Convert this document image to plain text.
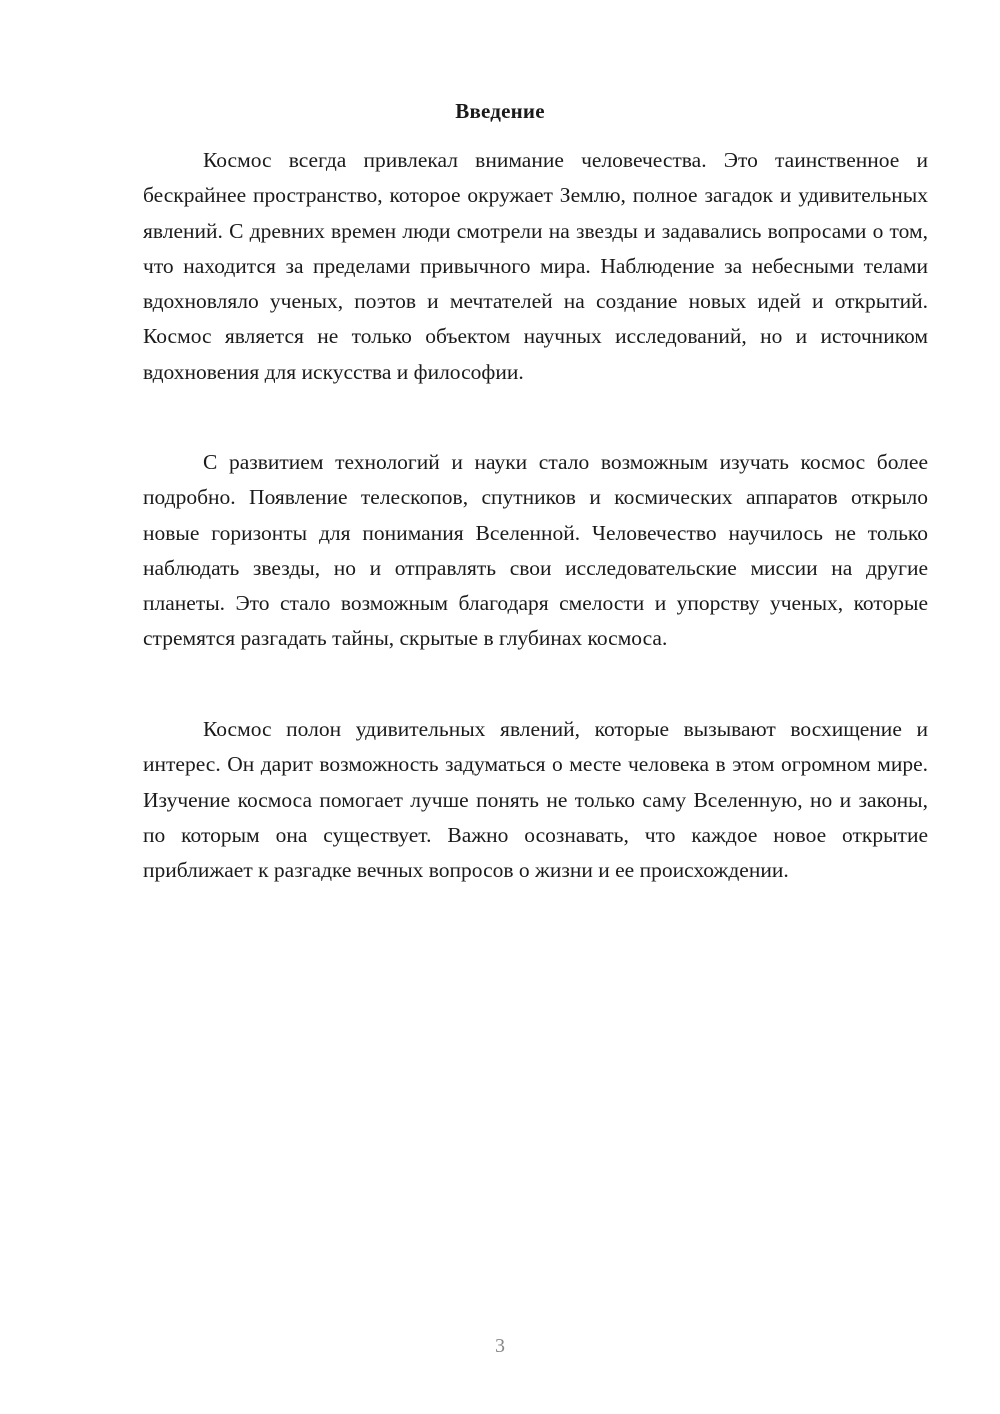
Введение

Космос всегда привлекал внимание человечества. Это таинственное и бескрайнее пространство, которое окружает Землю, полное загадок и удивительных явлений. С древних времен люди смотрели на звезды и задавались вопросами о том, что находится за пределами привычного мира. Наблюдение за небесными телами вдохновляло ученых, поэтов и мечтателей на создание новых идей и открытий. Космос является не только объектом научных исследований, но и источником вдохновения для искусства и философии.

С развитием технологий и науки стало возможным изучать космос более подробно. Появление телескопов, спутников и космических аппаратов открыло новые горизонты для понимания Вселенной. Человечество научилось не только наблюдать звезды, но и отправлять свои исследовательские миссии на другие планеты. Это стало возможным благодаря смелости и упорству ученых, которые стремятся разгадать тайны, скрытые в глубинах космоса.

Космос полон удивительных явлений, которые вызывают восхищение и интерес. Он дарит возможность задуматься о месте человека в этом огромном мире. Изучение космоса помогает лучше понять не только саму Вселенную, но и законы, по которым она существует. Важно осознавать, что каждое новое открытие приближает к разгадке вечных вопросов о жизни и ее происхождении.

3
